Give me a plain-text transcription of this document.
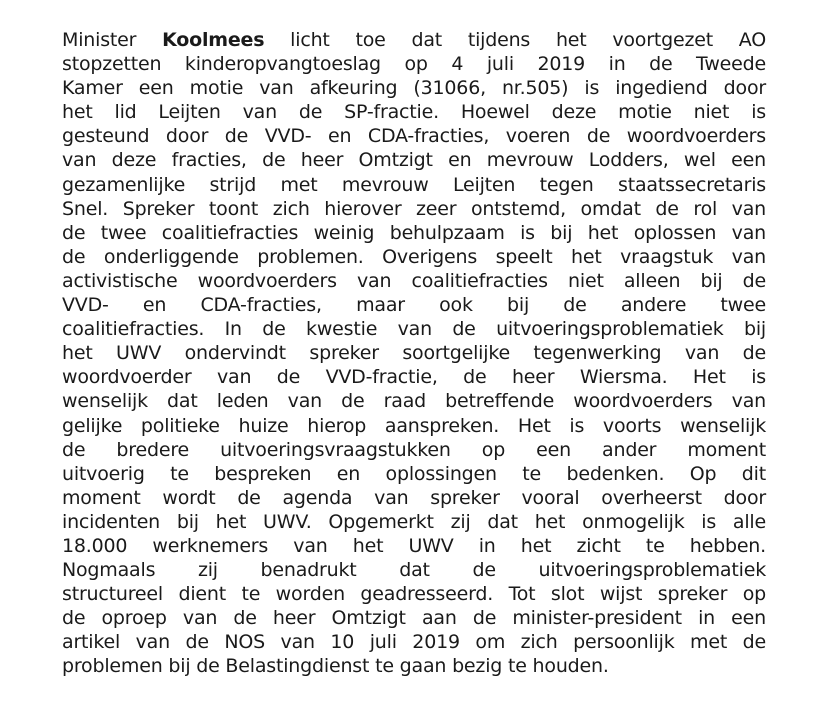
Minister Koolmees licht toe dat tijdens het voortgezet AO
stopzetten kinderopvangtoeslag op 4 juli 2019 in de Tweede
Kamer een motie van afkeuring (31066, nr.505) is ingediend door
het lid Leijten van de SP-fractie. Hoewel deze motie niet is
gesteund door de VVD- en CDA-fracties, voeren de woordvoerders
van deze fracties, de heer Omtzigt en mevrouw Lodders, wel een
gezamenlijke strijd met mevrouw Leijten tegen staatssecretaris
Snel. Spreker toont zich hierover zeer ontstemd, omdat de rol van
de twee coalitiefracties weinig behulpzaam is bij het oplossen van
de onderliggende problemen. Overigens speelt het vraagstuk van
activistische woordvoerders van coalitiefracties niet alleen bij de
VVD- en CDA-fracties, maar ook bij de andere twee
coalitiefracties. In de kwestie van de uitvoeringsproblematiek bij
het UWV ondervindt spreker soortgelijke tegenwerking van de
woordvoerder van de VVD-fractie, de heer Wiersma. Het is
wenselijk dat leden van de raad betreffende woordvoerders van
gelijke politieke huize hierop aanspreken. Het is voorts wenselijk
de bredere uitvoeringsvraagstukken op een ander moment
uitvoerig te bespreken en oplossingen te bedenken. Op dit
moment wordt de agenda van spreker vooral overheerst door
incidenten bij het UWV. Opgemerkt zij dat het onmogelijk is alle
18.000 werknemers van het UWV in het zicht te hebben.
Nogmaals zij benadrukt dat de uitvoeringsproblematiek
structureel dient te worden geadresseerd. Tot slot wijst spreker op
de oproep van de heer Omtzigt aan de minister-president in een
artikel van de NOS van 10 juli 2019 om zich persoonlijk met de
problemen bij de Belastingdienst te gaan bezig te houden.
